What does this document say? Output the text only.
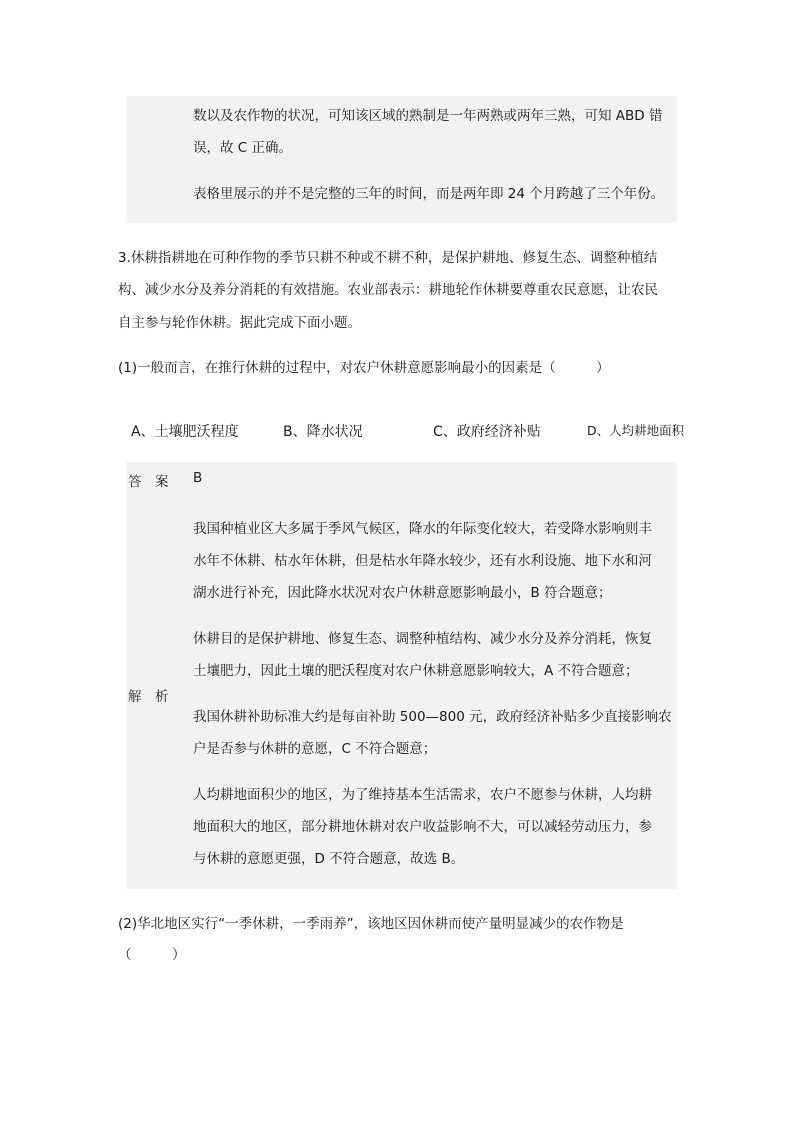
数以及农作物的状况，可知该区域的熟制是一年两熟或两年三熟，可知 ABD 错

误，故 C 正确。

表格里展示的并不是完整的三年的时间，而是两年即 24 个月跨越了三个年份。

3.休耕指耕地在可种作物的季节只耕不种或不耕不种，是保护耕地、修复生态、调整种植结

构、减少水分及养分消耗的有效措施。农业部表示：耕地轮作休耕要尊重农民意愿，让农民

自主参与轮作休耕。据此完成下面小题。

(1)一般而言，在推行休耕的过程中，对农户休耕意愿影响最小的因素是（　　　）

A、土壤肥沃程度	B、降水状况	C、政府经济补贴	D、人均耕地面积

答　案 B

解　析

我国种植业区大多属于季风气候区，降水的年际变化较大，若受降水影响则丰

水年不休耕、枯水年休耕，但是枯水年降水较少，还有水利设施、地下水和河

湖水进行补充，因此降水状况对农户休耕意愿影响最小，B 符合题意；

休耕目的是保护耕地、修复生态、调整种植结构、减少水分及养分消耗，恢复

土壤肥力，因此土壤的肥沃程度对农户休耕意愿影响较大，A 不符合题意；

我国休耕补助标准大约是每亩补助 500—800 元，政府经济补贴多少直接影响农

户是否参与休耕的意愿，C 不符合题意；

人均耕地面积少的地区，为了维持基本生活需求，农户不愿参与休耕，人均耕

地面积大的地区，部分耕地休耕对农户收益影响不大，可以减轻劳动压力，参

与休耕的意愿更强，D 不符合题意，故选 B。

(2)华北地区实行“一季休耕，一季雨养”，该地区因休耕而使产量明显减少的农作物是

（　　　）
